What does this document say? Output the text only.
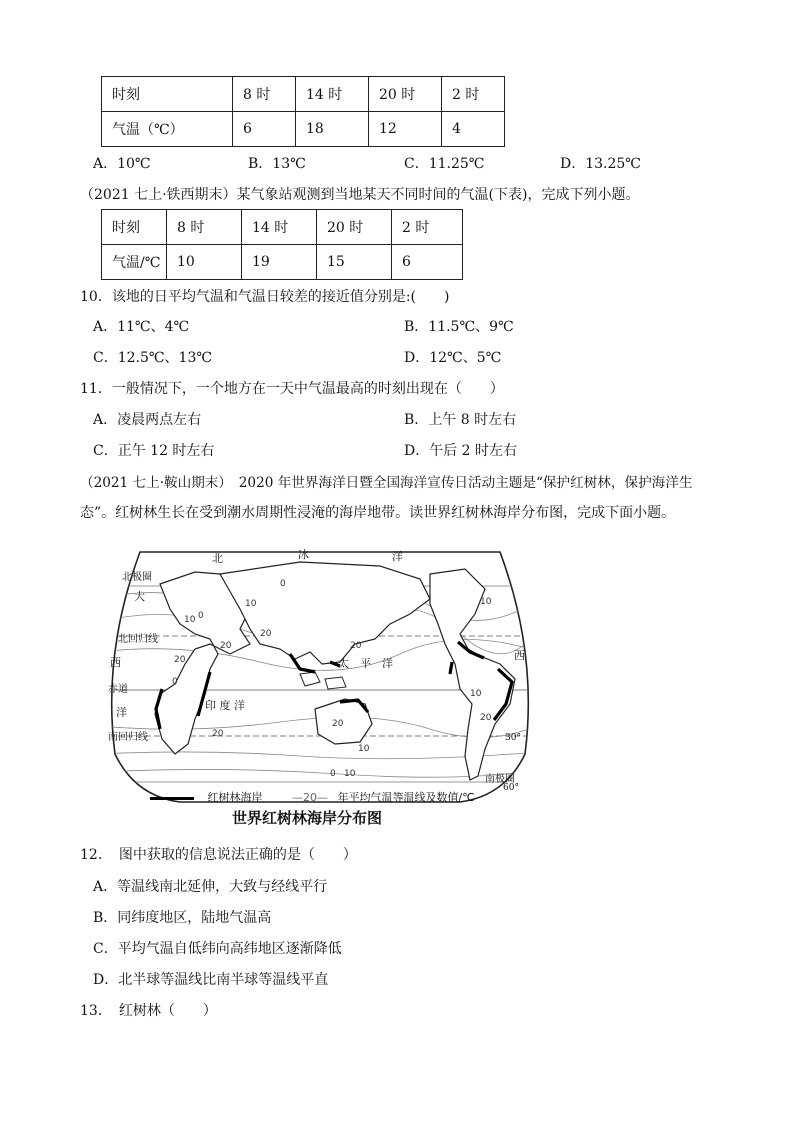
时刻	8 时	14 时	20 时	2 时
气温（℃）	6	18	12	4
A．10℃	B．13℃	C．11.25℃	D．13.25℃
（2021 七上·铁西期末）某气象站观测到当地某天不同时间的气温(下表)，完成下列小题。
时刻	8 时	14 时	20 时	2 时
气温/℃	10	19	15	6
10．该地的日平均气温和气温日较差的接近值分别是:(　　)
A．11℃、4℃	B．11.5℃、9℃
C．12.5℃、13℃	D．12℃、5℃
11．一般情况下，一个地方在一天中气温最高的时刻出现在（　　）
A．凌晨两点左右	B．上午 8 时左右
C．正午 12 时左右	D．午后 2 时左右
（2021 七上·鞍山期末）　2020 年世界海洋日暨全国海洋宣传日活动主题是“保护红树林，保护海洋生
态”。红树林生长在受到潮水周期性浸淹的海岸地带。读世界红树林海岸分布图，完成下面小题。
北	冰	洋
北极圈
大
北回归线
西
赤道
洋
南回归线
印 度 洋
太　平　洋
西
30°
南极圈
60°
0
10
10
20
20
20
20
20
20
10
0 10
10
0
10
20
0
红树林海岸	—20— 年平均气温等温线及数值/℃
世界红树林海岸分布图
12．　图中获取的信息说法正确的是（　　）
A．等温线南北延伸，大致与经线平行
B．同纬度地区，陆地气温高
C．平均气温自低纬向高纬地区逐渐降低
D．北半球等温线比南半球等温线平直
13．　红树林（　　）
